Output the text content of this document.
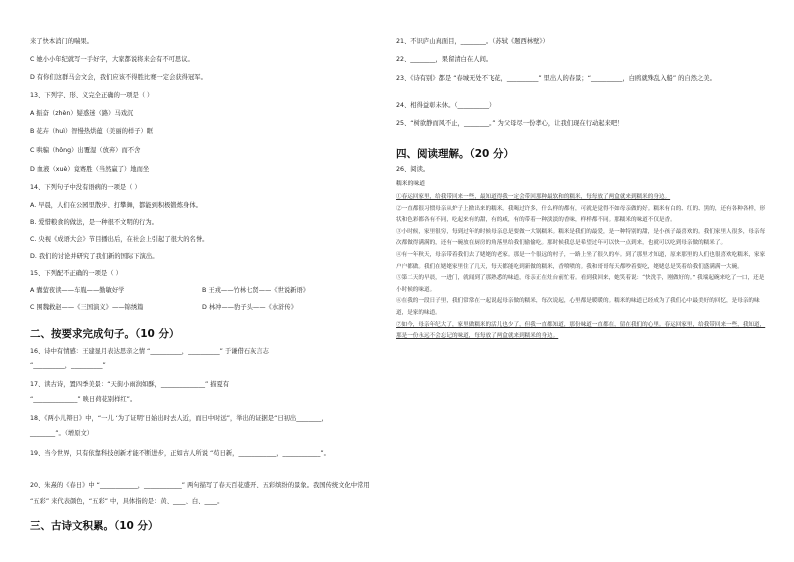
来了快本消门的喘果。
C 她小小年纪就写一手好字，大家都说将来会有不可思议。
D 有你们这群马会文会，我们应该不得胜比赛一定会获得冠军。
13、下列字、形、义完全正确的一项是（ ）
A 振奋（zhèn）疑惑迷（路）马戏沉
B 花卉（huì）智慢热烘蕴（美丽的样子）眶
C 哄骗（hǒng）出覆湿（放弃）而不舍
D 血液（xuè）竟赛胜（当然赢了）地而坐
14、下列句子中没有语病的一项是（ ）
A. 早晨，人们在公园里散步、打攀舞，都能到积极锻炼身体。
B. 爱惜粮食的做法，是一种很不文明的行为。
C. 央视《成语大会》节目播出后，在社会上引起了很大的名誉。
D. 我们的讨论并研究了我们新的国际下演出。
15、下列配不正确的一项是（ ）
A 囊萤夜读——车胤——勤敏好学	B 王戎——竹林七贤——《世说新语》
C 围魏救赵——《三国演义》——锦绣篇	D 林冲——豹子头——《水浒传》
二、按要求完成句子。（10 分）
16、诗中有情感：王建显月表达思亲之情 “__________，__________” 于谦借石灰言志
“__________，__________”
17、读古诗，置四季美景：“天街小雨润如酥，______________” 描夏有
“______________” 映日荷花别样红”。
18、《两小儿辩日》中，“一儿 ‘为了证明’日始出时去人近，而日中时远”，举出的证据是“日初出________，
________”。（增原文）
19、当今世界，只有依靠科技创新才能不断进步，正如古人所说 “苟日新，____________，____________”。
20、朱熹的《春日》中 “____________，____________” 两句描写了春天百花盛开、五彩缤纷的景象。我国传统文化中常用 “五彩” 来代表颜色，“五彩” 中，具体指的是：黄、____、白、____。
三、古诗文积累。（10 分）
21、不识庐山真面目，________。（苏轼《题西林壁》）
22、________，果留清白在人间。
23、《诗有别》都是 “春城无处不飞花，__________” 里出人的春景；“__________，白鸥就殊乱入船” 的自然之美。
24、相得益彰未休。（__________）
25、“树欲静而风不止，________。” 为父母尽一份孝心，让我们现在行动起来吧！
四、阅读理解。（20 分）
26、阅读。
糯米的味道

①春运回家里，给我带回来一些，最知道得我一定会带回那种最软和的糯米，每每放了两盒就来到糯米的身边。

②一直都很习惯母亲从炉子上掀出来的糯米。我喝过许多，什么样的都有，可就是觉得不如母亲做的好。糯米有白的、红的、黑的，还有各种各样，形状和色彩都各有不同，吃起来有的甜，有的咸，有的带着一种淡淡的香味，样样都不同。那糯米的味道不仅是香。

③小时候，家里很穷，每到过年的时候母亲总是要做一大锅糯米。糯米是我们的最爱，是一种特别的甜，是小孩子最喜欢的。我们家里人很多，母亲每次都做得满满的，还有一碗放在厨房的角落里给我们偷偷吃。那时候我总是希望过年可以快一点到来，也就可以吃到母亲做的糯米了。

④有一年秋天，母亲带着我们去了姥姥的老家。那是一个很远的村子，一路上坐了很久的车。到了那里才知道，原来那里的人们也很喜欢吃糯米，家家户户都做。我们在姥姥家里住了几天，每天都能吃到新做的糯米，香喷喷的。我和哥哥每天都吵着要吃，姥姥总是笑着给我们盛满满一大碗。

⑤第二天的早晨，一进门，就闻到了那熟悉的味道，母亲正在灶台前忙着。看到我回来，她笑着说：“快洗手，刚做好的。” 我端起碗来吃了一口，还是小时候的味道。

⑥在我的一段日子里，我们常常在一起说起母亲做的糯米，每次说起，心里都是暖暖的。糯米的味道已经成为了我们心中最美好的回忆，是母亲的味道，是家的味道。

⑦如今，母亲年纪大了，家里做糯米的活儿也少了，但我一直都知道，那份味道一直都在，留在我们的心里。春运回家里，给我带回来一些，我知道，那是一份永远不会忘记的味道，每每放了两盒就来到糯米的身边。
